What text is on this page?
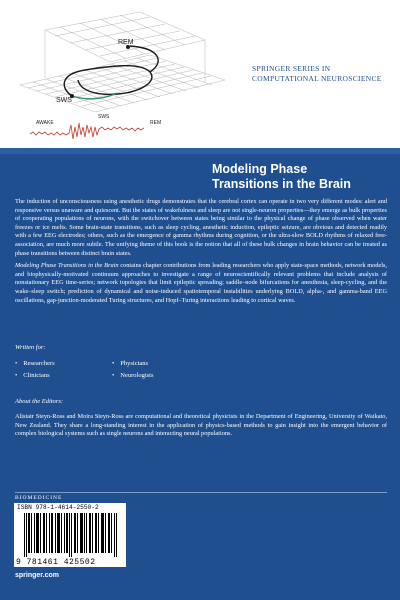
REM
SWS
AWAKE
SWS
REM
SPRINGER SERIES IN
COMPUTATIONAL NEUROSCIENCE
Modeling Phase
Transitions in the Brain

The induction of unconsciousness using anesthetic drugs demonstrates that the cerebral cortex can operate in two very different modes: alert and responsive versus unaware and quiescent. But the states of wakefulness and sleep are not single-neuron properties—they emerge as bulk properties of cooperating populations of neurons, with the switchover between states being similar to the physical change of phase observed when water freezes or ice melts. Some brain-state transitions, such as sleep cycling, anesthetic induction, epileptic seizure, are obvious and detected readily with a few EEG electrodes; others, such as the emergence of gamma rhythms during cognition, or the ultra-slow BOLD rhythms of relaxed free-association, are much more subtle. The unifying theme of this book is the notion that all of these bulk changes in brain behavior can be treated as phase transitions between distinct brain states.

Modeling Phase Transitions in the Brain contains chapter contributions from leading researchers who apply state-space methods, network models, and biophysically-motivated continuum approaches to investigate a range of neuroscientifically relevant problems that include analysis of nonstationary EEG time-series; network topologies that limit epileptic spreading; saddle–node bifurcations for anesthesia, sleep-cycling, and the wake–sleep switch; prediction of dynamical and noise-induced spatiotemporal instabilities underlying BOLD, alpha-, and gamma-band EEG oscillations, gap-junction-moderated Turing structures, and Hopf–Turing interactions leading to cortical waves.

Written for:
• Researchers
• Clinicians
• Physicians
• Neurologists
About the Editors:
Alistair Steyn-Ross and Moira Steyn-Ross are computational and theoretical physicists in the Department of Engineering, University of Waikato, New Zealand. They share a long-standing interest in the application of physics-based methods to gain insight into the emergent behavior of complex biological systems such as single neurons and interacting neural populations.
BIOMEDICINE
ISBN 978-1-4614-2550-2
9 781461 425502
springer.com
